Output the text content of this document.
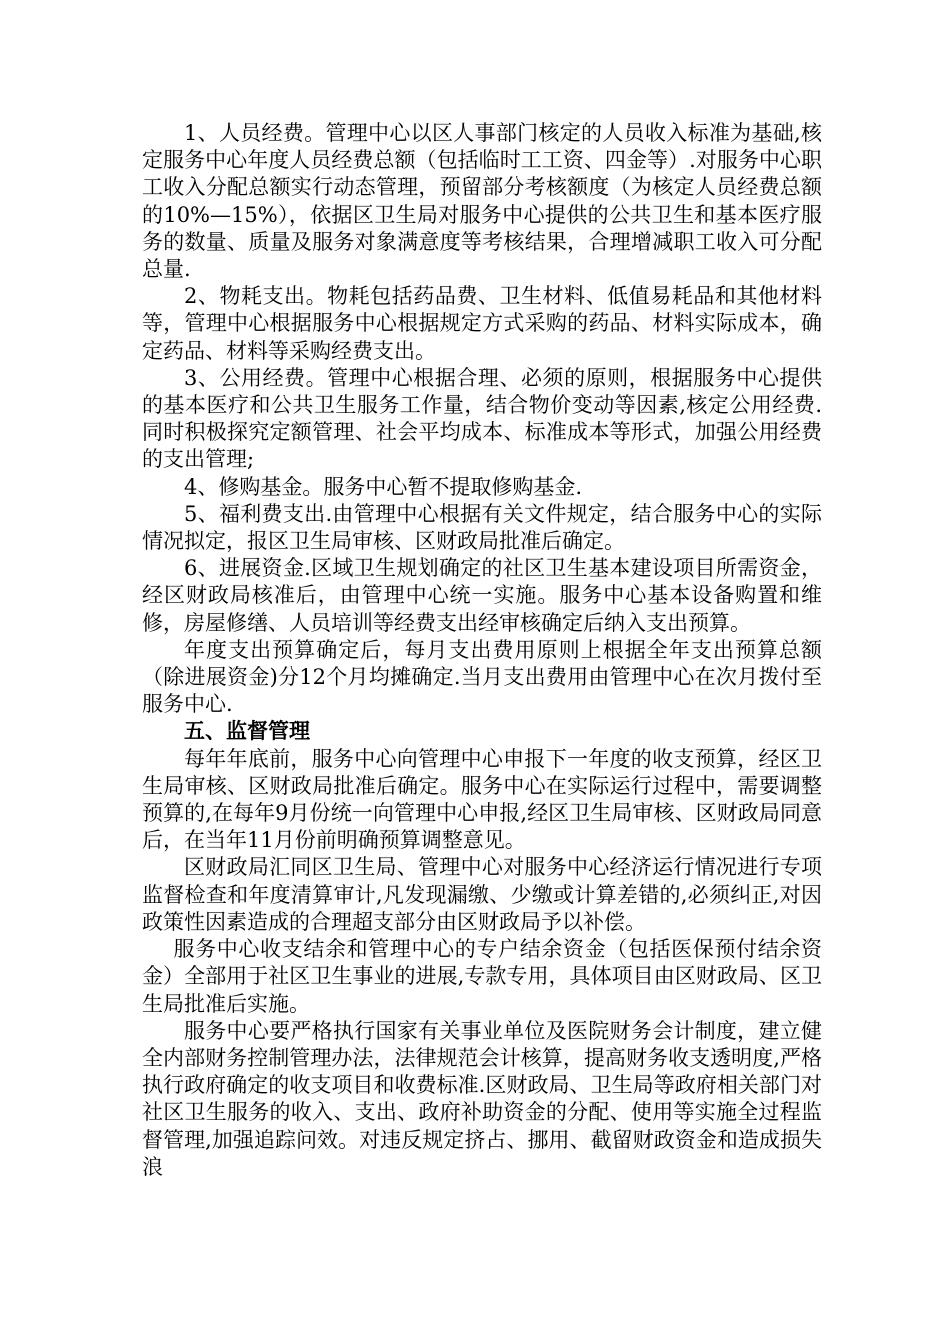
1、人员经费。管理中心以区人事部门核定的人员收入标准为基础,核定服务中心年度人员经费总额（包括临时工工资、四金等）.对服务中心职工收入分配总额实行动态管理，预留部分考核额度（为核定人员经费总额的10%—15%），依据区卫生局对服务中心提供的公共卫生和基本医疗服务的数量、质量及服务对象满意度等考核结果，合理增减职工收入可分配总量.

2、物耗支出。物耗包括药品费、卫生材料、低值易耗品和其他材料等，管理中心根据服务中心根据规定方式采购的药品、材料实际成本，确定药品、材料等采购经费支出。

3、公用经费。管理中心根据合理、必须的原则，根据服务中心提供的基本医疗和公共卫生服务工作量，结合物价变动等因素,核定公用经费.同时积极探究定额管理、社会平均成本、标准成本等形式，加强公用经费的支出管理;

4、修购基金。服务中心暂不提取修购基金.

5、福利费支出.由管理中心根据有关文件规定，结合服务中心的实际情况拟定，报区卫生局审核、区财政局批准后确定。

6、进展资金.区域卫生规划确定的社区卫生基本建设项目所需资金，经区财政局核准后，由管理中心统一实施。服务中心基本设备购置和维修，房屋修缮、人员培训等经费支出经审核确定后纳入支出预算。

年度支出预算确定后，每月支出费用原则上根据全年支出预算总额（除进展资金)分12个月均摊确定.当月支出费用由管理中心在次月拨付至服务中心.

五、监督管理

每年年底前，服务中心向管理中心申报下一年度的收支预算，经区卫生局审核、区财政局批准后确定。服务中心在实际运行过程中，需要调整预算的,在每年9月份统一向管理中心申报,经区卫生局审核、区财政局同意后，在当年11月份前明确预算调整意见。

区财政局汇同区卫生局、管理中心对服务中心经济运行情况进行专项监督检查和年度清算审计,凡发现漏缴、少缴或计算差错的,必须纠正,对因政策性因素造成的合理超支部分由区财政局予以补偿。

服务中心收支结余和管理中心的专户结余资金（包括医保预付结余资金）全部用于社区卫生事业的进展,专款专用，具体项目由区财政局、区卫生局批准后实施。

服务中心要严格执行国家有关事业单位及医院财务会计制度，建立健全内部财务控制管理办法，法律规范会计核算，提高财务收支透明度,严格执行政府确定的收支项目和收费标准.区财政局、卫生局等政府相关部门对社区卫生服务的收入、支出、政府补助资金的分配、使用等实施全过程监督管理,加强追踪问效。对违反规定挤占、挪用、截留财政资金和造成损失浪
